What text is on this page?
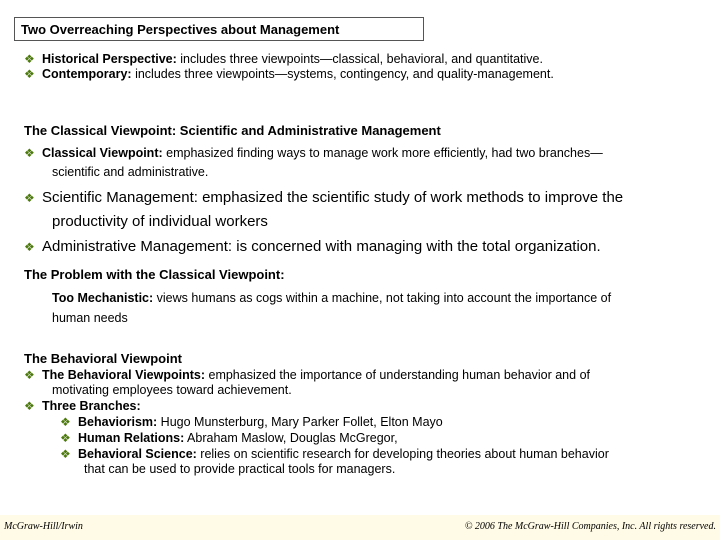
Two Overreaching Perspectives about Management
❖ Historical Perspective: includes three viewpoints—classical, behavioral, and quantitative.
❖ Contemporary: includes three viewpoints—systems, contingency, and quality-management.
The Classical Viewpoint: Scientific and Administrative Management
❖ Classical Viewpoint: emphasized finding ways to manage work more efficiently, had two branches—
scientific and administrative.
❖ Scientific Management: emphasized the scientific study of work methods to improve the
productivity of individual workers
❖ Administrative Management: is concerned with managing with the total organization.
The Problem with the Classical Viewpoint:
Too Mechanistic: views humans as cogs within a machine, not taking into account the importance of
human needs
The Behavioral Viewpoint
❖ The Behavioral Viewpoints: emphasized the importance of understanding human behavior and of
motivating employees toward achievement.
❖ Three Branches:
❖ Behaviorism: Hugo Munsterburg, Mary Parker Follet, Elton Mayo
❖ Human Relations: Abraham Maslow, Douglas McGregor,
❖ Behavioral Science: relies on scientific research for developing theories about human behavior
that can be used to provide practical tools for managers.
McGraw-Hill/Irwin	© 2006 The McGraw-Hill Companies, Inc. All rights reserved.
